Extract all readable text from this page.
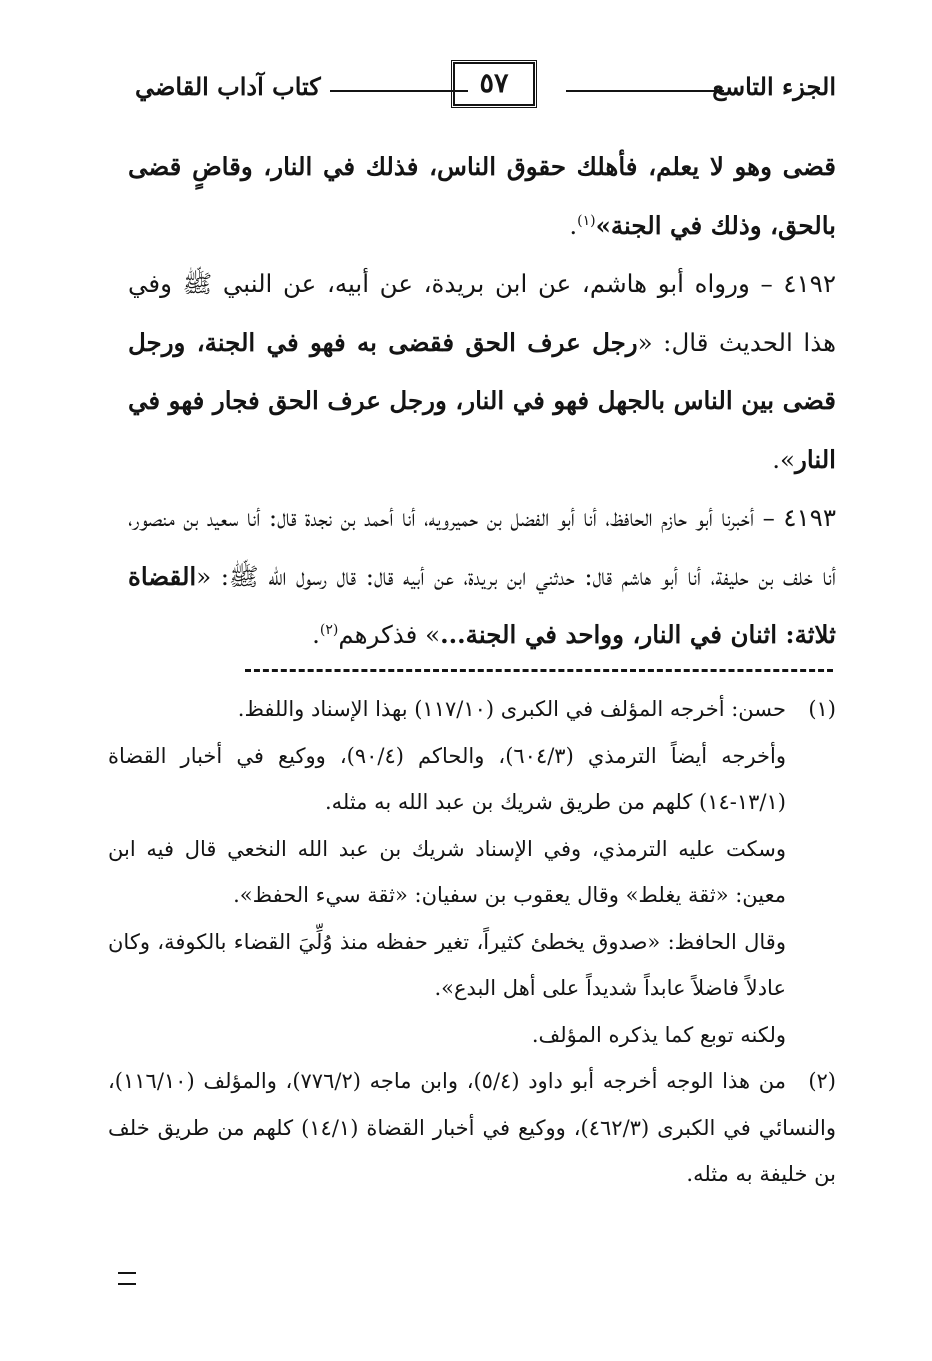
الجزء التاسع
٥٧
كتاب آداب القاضي

قضى وهو لا يعلم، فأهلك حقوق الناس، فذلك في النار، وقاضٍ قضى بالحق، وذلك في الجنة»$^{(١)}$.

٤١٩٢ – ورواه أبو هاشم، عن ابن بريدة، عن أبيه، عن النبي ﷺ وفي هذا الحديث قال: «رجل عرف الحق فقضى به فهو في الجنة، ورجل قضى بين الناس بالجهل فهو في النار، ورجل عرف الحق فجار فهو في النار».

٤١٩٣ – أخبرنا أبو حازم الحافظ، أنا أبو الفضل بن حميرويه، أنا أحمد بن نجدة قال: أنا سعيد بن منصور، أنا خلف بن حليفة، أنا أبو هاشم قال: حدثني ابن بريدة، عن أبيه قال: قال رسول الله ﷺ: «القضاة ثلاثة: اثنان في النار، وواحد في الجنة...» فذكرهم$^{(٢)}$.

(١)حسن: أخرجه المؤلف في الكبرى (١١٧/١٠) بهذا الإسناد واللفظ.

وأخرجه أيضاً الترمذي (٦٠٤/٣)، والحاكم (٩٠/٤)، ووكيع في أخبار القضاة (١٣/١-١٤) كلهم من طريق شريك بن عبد الله به مثله.

وسكت عليه الترمذي، وفي الإسناد شريك بن عبد الله النخعي قال فيه ابن معين: «ثقة يغلط» وقال يعقوب بن سفيان: «ثقة سيء الحفظ».

وقال الحافظ: «صدوق يخطئ كثيراً، تغير حفظه منذ وُلِّيَ القضاء بالكوفة، وكان عادلاً فاضلاً عابداً شديداً على أهل البدع».

ولكنه توبع كما يذكره المؤلف.

(٢)من هذا الوجه أخرجه أبو داود (٥/٤)، وابن ماجه (٧٧٦/٢)، والمؤلف (١١٦/١٠)، والنسائي في الكبرى (٤٦٢/٣)، ووكيع في أخبار القضاة (١٤/١) كلهم من طريق خلف بن خليفة به مثله.
